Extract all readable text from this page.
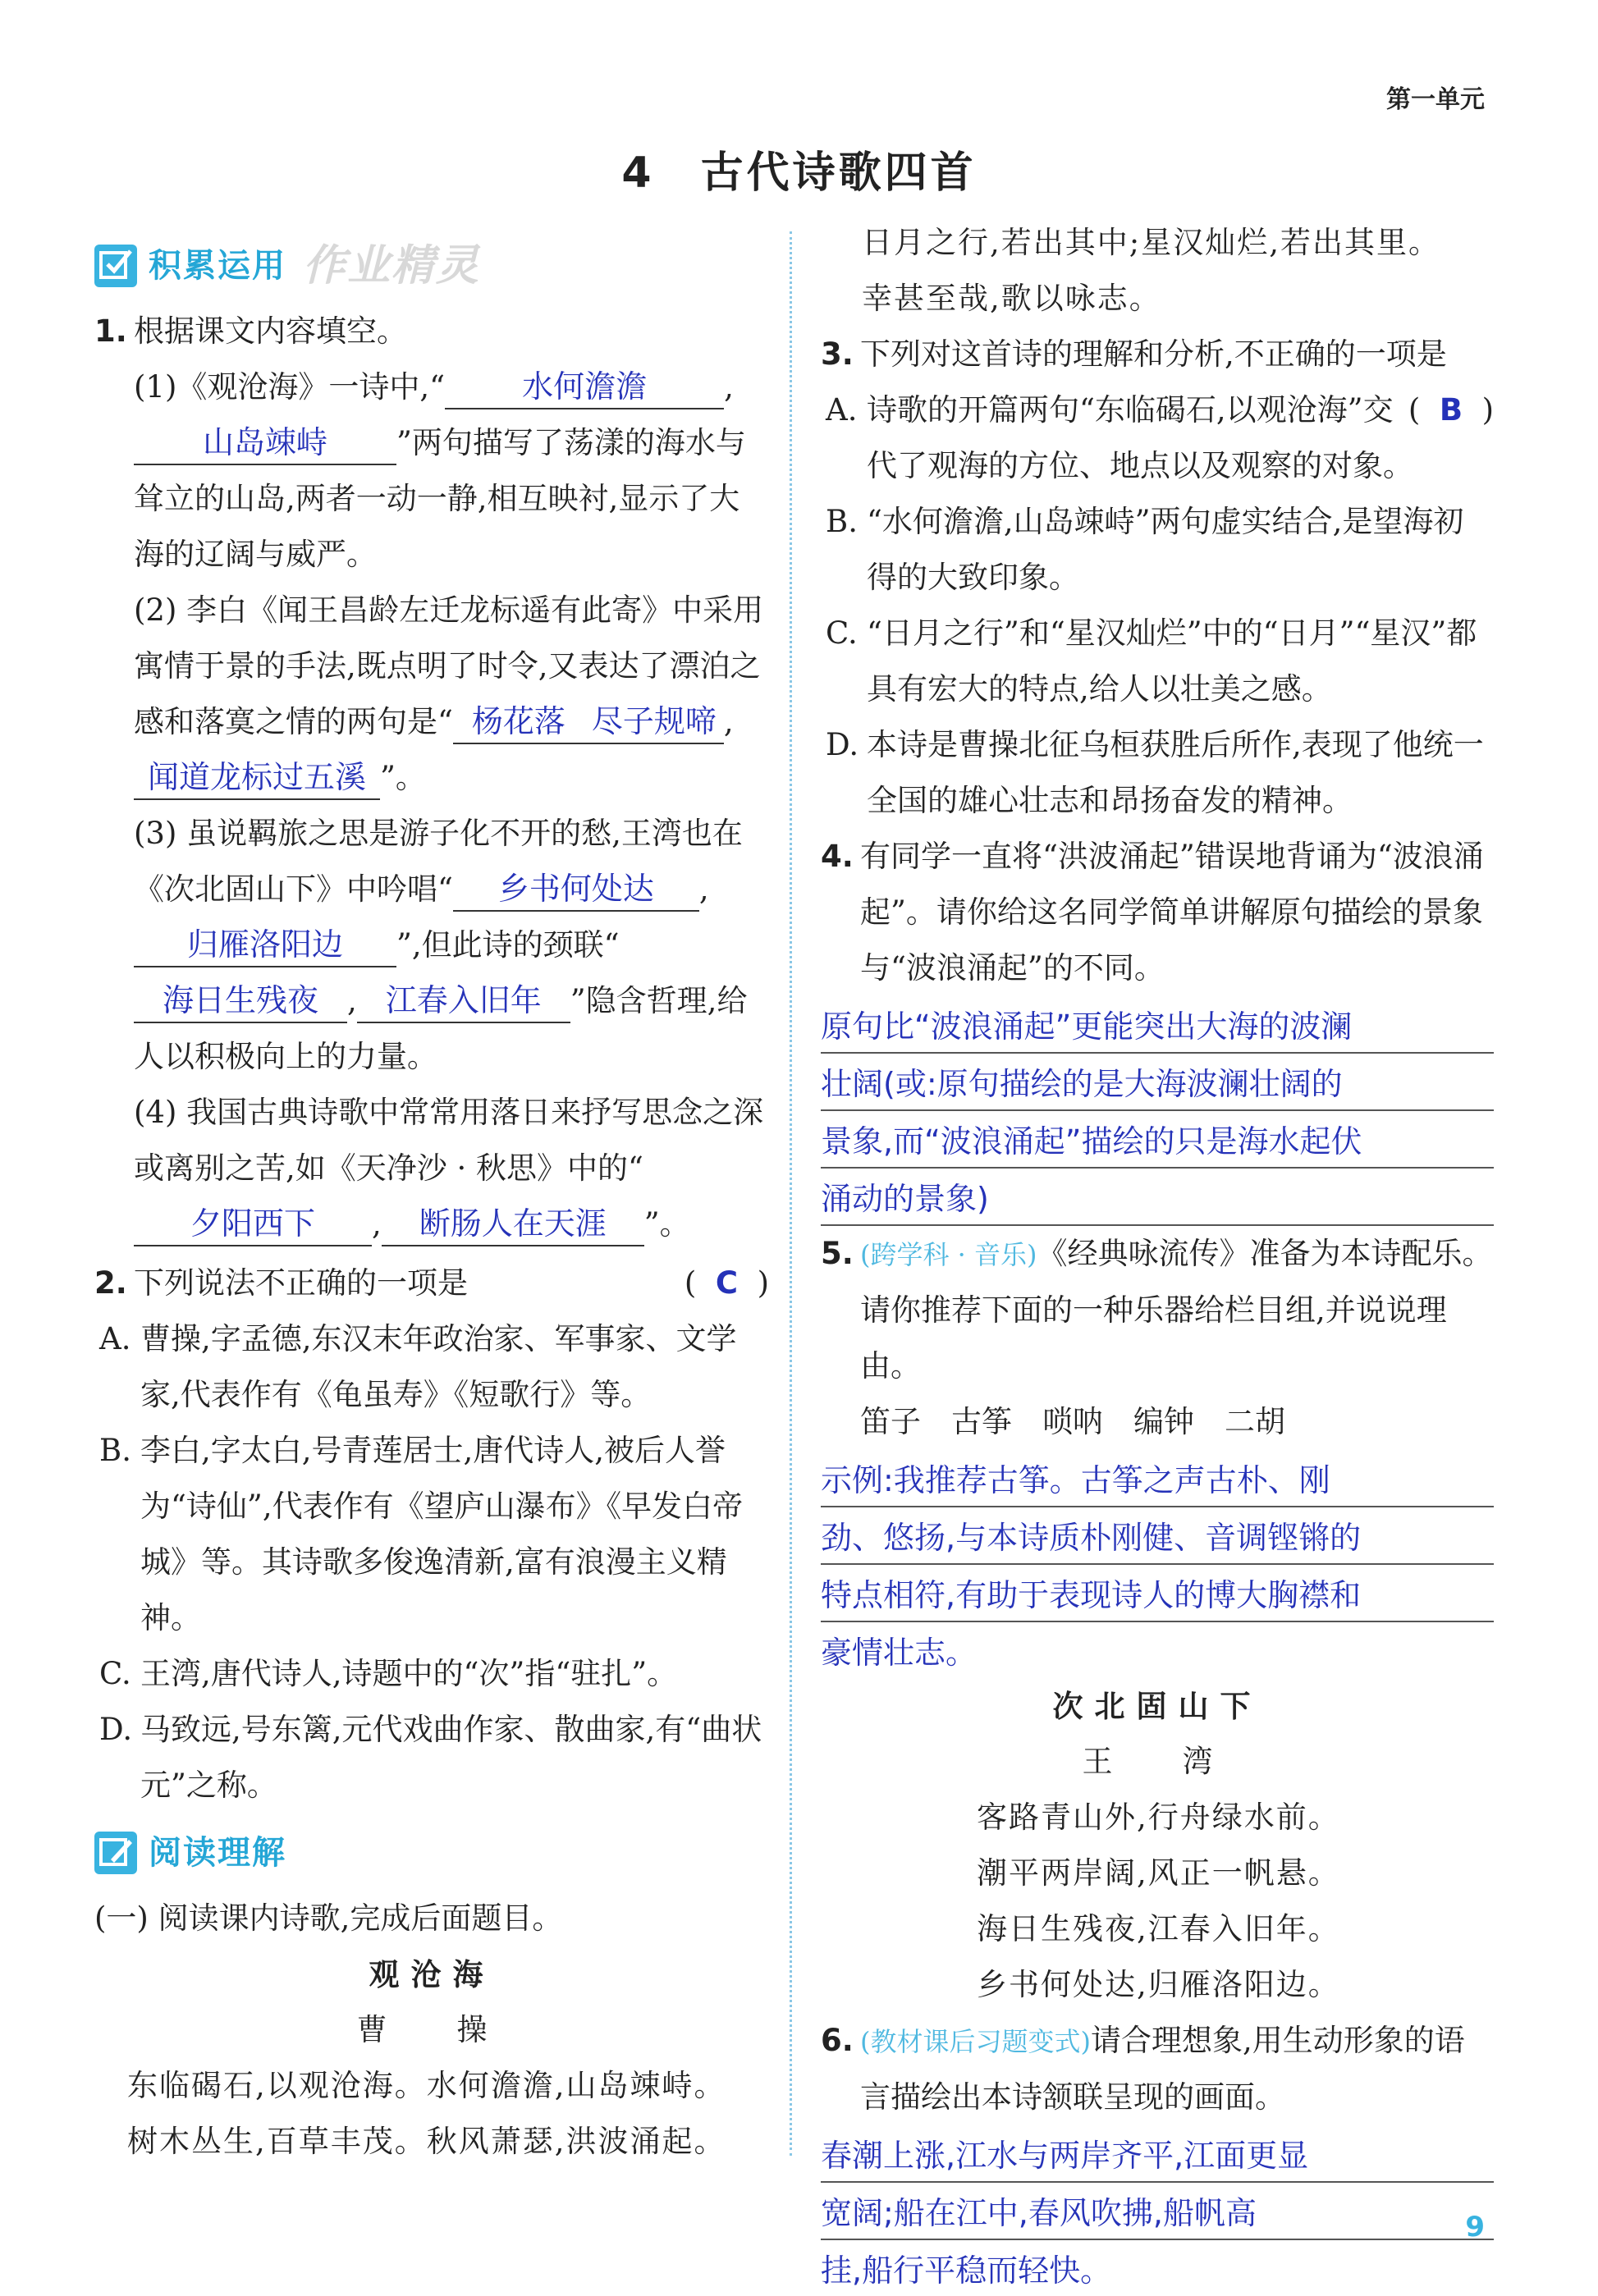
第一单元
4　古代诗歌四首
积累运用 作业精灵
1. 根据课文内容填空。
(1)《观沧海》一诗中,“ 水何澹澹	,山岛竦峙 ”两句描写了荡漾的海水与耸立的山岛,两者一动一静,相互映衬,显示了大海的辽阔与威严。
(2) 李白《闻王昌龄左迁龙标遥有此寄》中采用寓情于景的手法,既点明了时令,又表达了漂泊之感和落寞之情的两句是“ 杨花落 尽子规啼 ,闻道龙标过五溪 ”。
(3) 虽说羁旅之思是游子化不开的愁,王湾也在《次北固山下》中吟唱“ 乡书何处达 ,归雁洛阳边 ”,但此诗的颈联“海日生残夜 , 江春入旧年 ”隐含哲理,给人以积极向上的力量。
(4) 我国古典诗歌中常常用落日来抒写思念之深或离别之苦,如《天净沙 · 秋思》中的“夕阳西下 , 断肠人在天涯 ”。
2. 下列说法不正确的一项是	( C )
A. 曹操,字孟德,东汉末年政治家、军事家、文学家,代表作有《龟虽寿》《短歌行》等。
B. 李白,字太白,号青莲居士,唐代诗人,被后人誉为“诗仙”,代表作有《望庐山瀑布》《早发白帝城》等。其诗歌多俊逸清新,富有浪漫主义精神。
C. 王湾,唐代诗人,诗题中的“次”指“驻扎”。
D. 马致远,号东篱,元代戏曲作家、散曲家,有“曲状元”之称。
阅读理解
(一) 阅读课内诗歌,完成后面题目。
观沧海
曹　操
东临碣石,以观沧海。水何澹澹,山岛竦峙。
树木丛生,百草丰茂。秋风萧瑟,洪波涌起。
日月之行,若出其中;星汉灿烂,若出其里。
幸甚至哉,歌以咏志。
3. 下列对这首诗的理解和分析,不正确的一项是
( B )
A. 诗歌的开篇两句“东临碣石,以观沧海”交代了观海的方位、地点以及观察的对象。
B. “水何澹澹,山岛竦峙”两句虚实结合,是望海初得的大致印象。
C. “日月之行”和“星汉灿烂”中的“日月”“星汉”都具有宏大的特点,给人以壮美之感。
D. 本诗是曹操北征乌桓获胜后所作,表现了他统一全国的雄心壮志和昂扬奋发的精神。
4. 有同学一直将“洪波涌起”错误地背诵为“波浪涌起”。请你给这名同学简单讲解原句描绘的景象与“波浪涌起”的不同。
原句比“波浪涌起”更能突出大海的波澜
壮阔(或:原句描绘的是大海波澜壮阔的
景象,而“波浪涌起”描绘的只是海水起伏
涌动的景象)
5. (跨学科 · 音乐)《经典咏流传》准备为本诗配乐。请你推荐下面的一种乐器给栏目组,并说说理由。
笛子　古筝　唢呐　编钟　二胡
示例:我推荐古筝。古筝之声古朴、刚
劲、悠扬,与本诗质朴刚健、音调铿锵的
特点相符,有助于表现诗人的博大胸襟和
豪情壮志。
次北固山下
王　湾
客路青山外,行舟绿水前。
潮平两岸阔,风正一帆悬。
海日生残夜,江春入旧年。
乡书何处达,归雁洛阳边。
6. (教材课后习题变式)请合理想象,用生动形象的语言描绘出本诗颔联呈现的画面。
春潮上涨,江水与两岸齐平,江面更显
宽阔;船在江中,春风吹拂,船帆高
挂,船行平稳而轻快。
9
